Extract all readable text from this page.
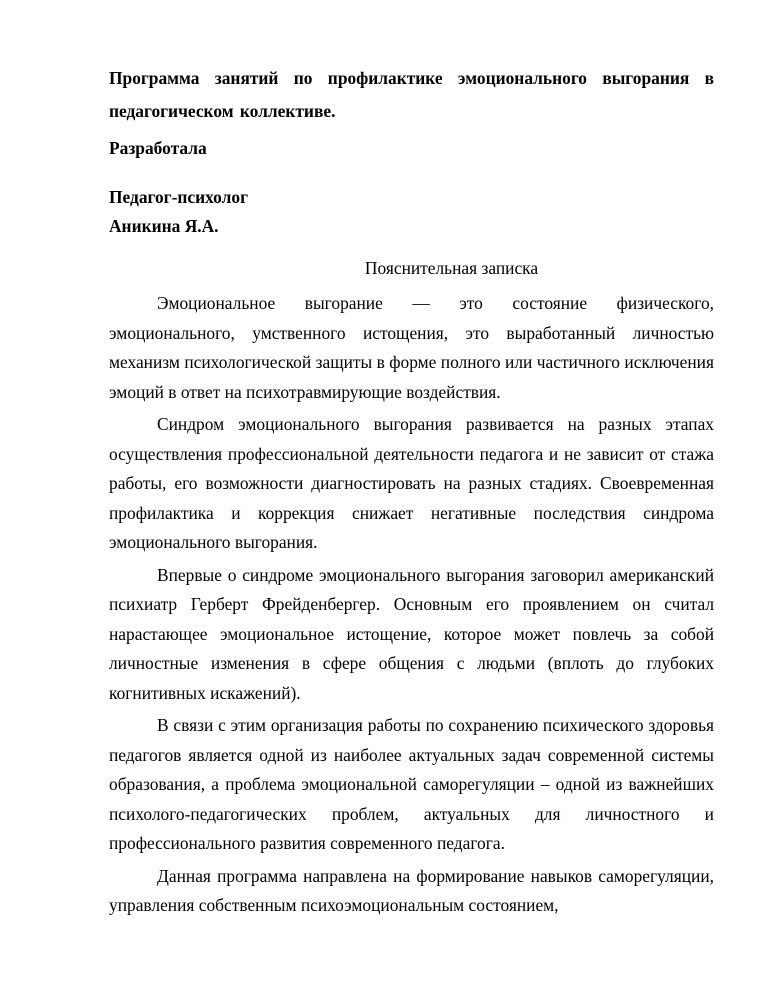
Программа занятий по профилактике эмоционального выгорания в педагогическом коллективе.

Разработала

Педагог-психолог

Аникина Я.А.

Пояснительная записка

Эмоциональное выгорание — это состояние физического, эмоционального, умственного истощения, это выработанный личностью механизм психологической защиты в форме полного или частичного исключения эмоций в ответ на психотравмирующие воздействия.

Синдром эмоционального выгорания развивается на разных этапах осуществления профессиональной деятельности педагога и не зависит от стажа работы, его возможности диагностировать на разных стадиях. Своевременная профилактика и коррекция снижает негативные последствия синдрома эмоционального выгорания.

Впервые о синдроме эмоционального выгорания заговорил американский психиатр Герберт Фрейденбергер. Основным его проявлением он считал нарастающее эмоциональное истощение, которое может повлечь за собой личностные изменения в сфере общения с людьми (вплоть до глубоких когнитивных искажений).

В связи с этим организация работы по сохранению психического здоровья педагогов является одной из наиболее актуальных задач современной системы образования, а проблема эмоциональной саморегуляции – одной из важнейших психолого-педагогических проблем, актуальных для личностного и профессионального развития современного педагога.

Данная программа направлена на формирование навыков саморегуляции, управления собственным психоэмоциональным состоянием,
